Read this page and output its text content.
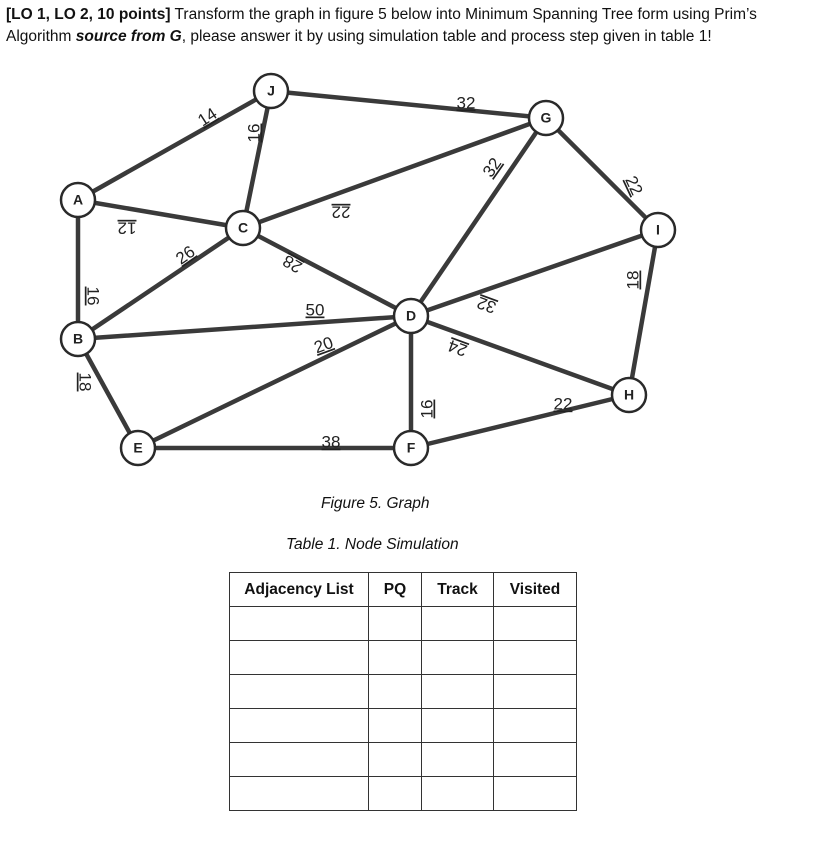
[LO 1, LO 2, 10 points] Transform the graph in figure 5 below into Minimum Spanning Tree form using Prim’s Algorithm source from G, please answer it by using simulation table and process step given in table 1!

14
12
16
16
32
22
26	28
50
18
20
38
32
32
24
16
22
18
22
A
B
C
D
E	F
G
H
I
J

Figure 5. Graph

Table 1. Node Simulation

Adjacency List	PQ	Track	Visited
